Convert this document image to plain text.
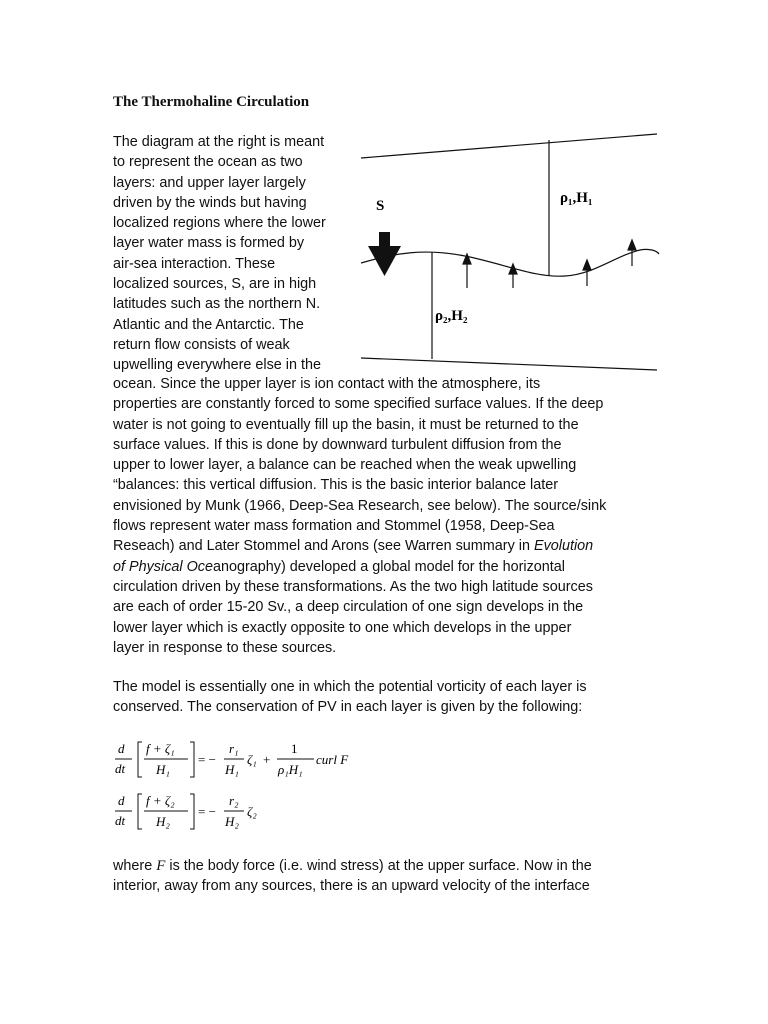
The Thermohaline Circulation
The diagram at the right is meant
to represent the ocean as two
layers: and upper layer largely
driven by the winds but having
localized regions where the lower
layer water mass is formed by
air-sea interaction. These
localized sources, S, are in high
latitudes such as the northern N.
Atlantic and the Antarctic. The
return flow consists of weak
upwelling everywhere else in the
S	ρ₁,H₁
ρ₂,H₂
ocean. Since the upper layer is ion contact with the atmosphere, its
properties are constantly forced to some specified surface values. If the deep
water is not going to eventually fill up the basin, it must be returned to the
surface values. If this is done by downward turbulent diffusion from the
upper to lower layer, a balance can be reached when the weak upwelling
“balances: this vertical diffusion. This is the basic interior balance later
envisioned by Munk (1966, Deep-Sea Research, see below). The source/sink
flows represent water mass formation and Stommel (1958, Deep-Sea
Reseach) and Later Stommel and Arons (see Warren summary in Evolution
of Physical Oceanography) developed a global model for the horizontal
circulation driven by these transformations. As the two high latitude sources
are each of order 15-20 Sv., a deep circulation of one sign develops in the
lower layer which is exactly opposite to one which develops in the upper
layer in response to these sources.
The model is essentially one in which the potential vorticity of each layer is
conserved. The conservation of PV in each layer is given by the following:
d
dt
f + ζ₁
H₁
= −
r₁
H₁
ζ₁ +
1
ρ₁H₁
curl F⃗
d
dt
f + ζ₂
H₂
= −
r₂
H₂
ζ₂
where F is the body force (i.e. wind stress) at the upper surface. Now in the
interior, away from any sources, there is an upward velocity of the interface
